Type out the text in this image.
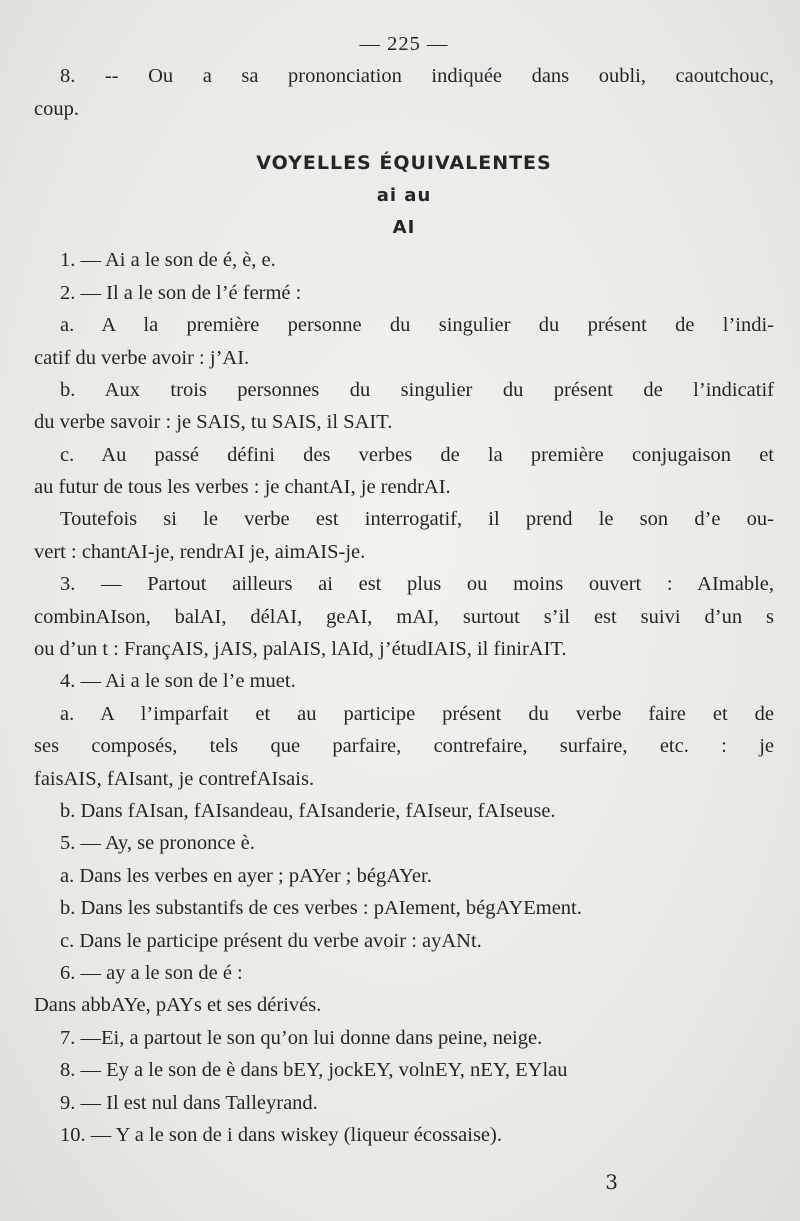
— 225 —
8. -- Ou a sa prononciation indiquée dans oubli, caoutchouc,
coup.
VOYELLES ÉQUIVALENTES
ai au
AI
1. — Ai a le son de é, è, e.
2. — Il a le son de l’é fermé :
a. A la première personne du singulier du présent de l’indi-
catif du verbe avoir : j’AI.
b. Aux trois personnes du singulier du présent de l’indicatif
du verbe savoir : je SAIS, tu SAIS, il SAIT.
c. Au passé défini des verbes de la première conjugaison et
au futur de tous les verbes : je chantAI, je rendrAI.
Toutefois si le verbe est interrogatif, il prend le son d’e ou-
vert : chantAI-je, rendrAI je, aimAIS-je.
3. — Partout ailleurs ai est plus ou moins ouvert : AImable,
combinAIson, balAI, délAI, geAI, mAI, surtout s’il est suivi d’un s
ou d’un t : FrançAIS, jAIS, palAIS, lAId, j’étudIAIS, il finirAIT.
4. — Ai a le son de l’e muet.
a. A l’imparfait et au participe présent du verbe faire et de
ses composés, tels que parfaire, contrefaire, surfaire, etc. : je
faisAIS, fAIsant, je contrefAIsais.
b. Dans fAIsan, fAIsandeau, fAIsanderie, fAIseur, fAIseuse.
5. — Ay, se prononce è.
a. Dans les verbes en ayer ; pAYer ; bégAYer.
b. Dans les substantifs de ces verbes : pAIement, bégAYEment.
c. Dans le participe présent du verbe avoir : ayANt.
6. — ay a le son de é :
Dans abbAYe, pAYs et ses dérivés.
7. —Ei, a partout le son qu’on lui donne dans peine, neige.
8. — Ey a le son de è dans bEY, jockEY, volnEY, nEY, EYlau
9. — Il est nul dans Talleyrand.
10. — Y a le son de i dans wiskey (liqueur écossaise).
3
